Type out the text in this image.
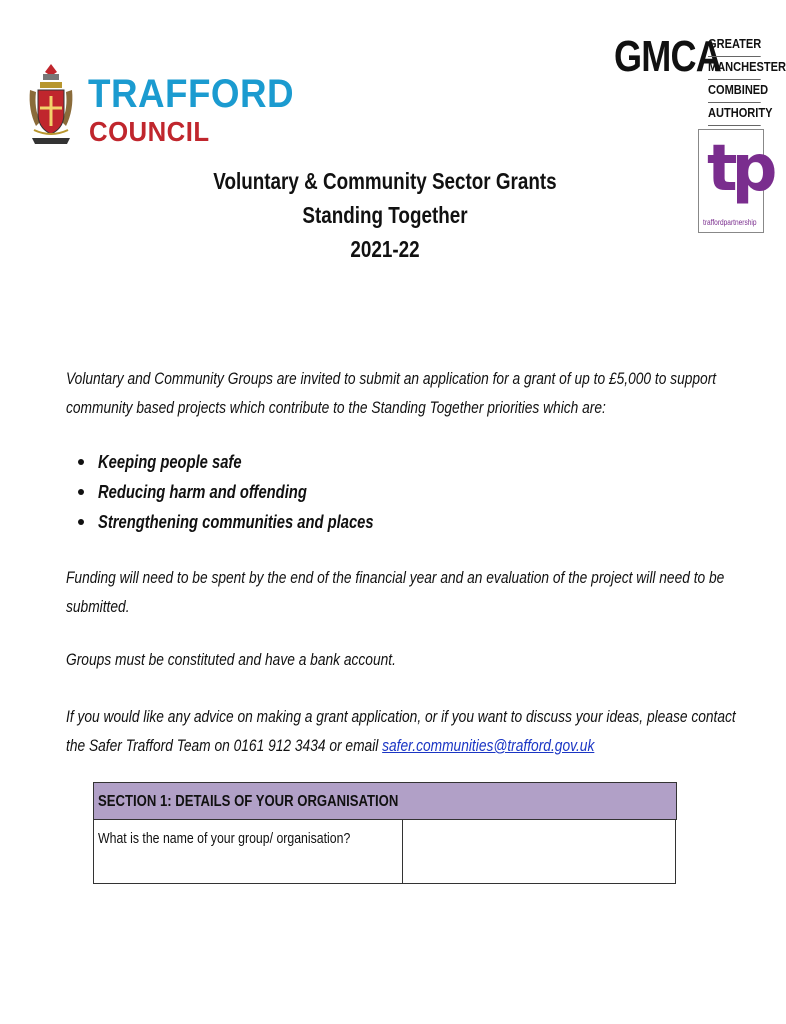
TRAFFORD
COUNCIL
GMCA
GREATER
MANCHESTER
COMBINED
AUTHORITY
tp
traffordpartnership
Voluntary & Community Sector Grants
Standing Together
2021-22
Voluntary and Community Groups are invited to submit an application for a grant of up to £5,000 to support
community based projects which contribute to the Standing Together priorities which are:
Keeping people safe
Reducing harm and offending
Strengthening communities and places
Funding will need to be spent by the end of the financial year and an evaluation of the project will need to be
submitted.
Groups must be constituted and have a bank account.
If you would like any advice on making a grant application, or if you want to discuss your ideas, please contact
the Safer Trafford Team on 0161 912 3434 or email safer.communities@trafford.gov.uk
SECTION 1: DETAILS OF YOUR ORGANISATION
What is the name of your group/ organisation?
